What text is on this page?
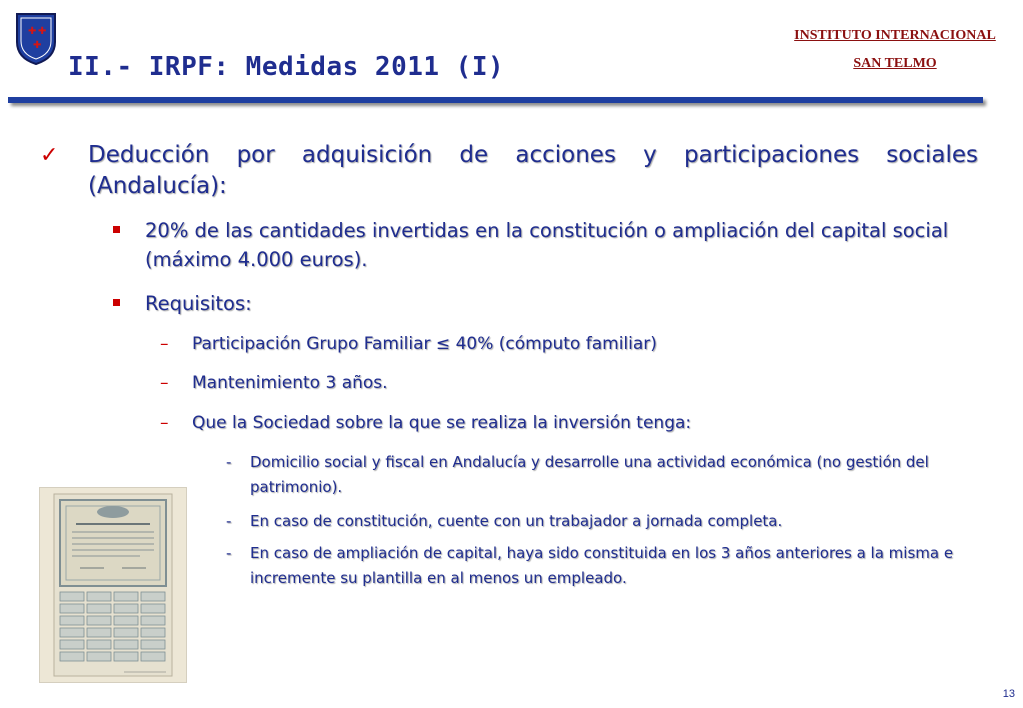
✚ ✚
✚
II.- IRPF: Medidas 2011 (I)
INSTITUTO INTERNACIONAL
SAN TELMO
✓ Deducción por adquisición de acciones y participaciones sociales (Andalucía):
20% de las cantidades invertidas en la constitución o ampliación del capital social (máximo 4.000 euros).
Requisitos:
– Participación Grupo Familiar ≤ 40% (cómputo familiar)
– Mantenimiento 3 años.
– Que la Sociedad sobre la que se realiza la inversión tenga:
- Domicilio social y fiscal en Andalucía y desarrolle una actividad económica (no gestión del patrimonio).
- En caso de constitución, cuente con un trabajador a jornada completa.
- En caso de ampliación de capital, haya sido constituida en los 3 años anteriores a la misma e incremente su plantilla en al menos un empleado.
13
